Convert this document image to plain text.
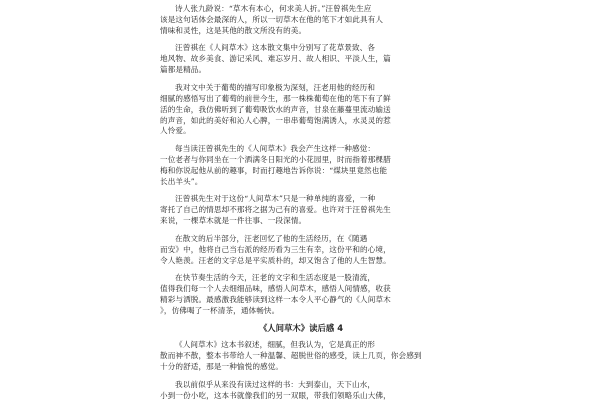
诗人张九龄说：“草木有本心，何求美人折。”汪曾祺先生应
该是这句话体会最深的人，所以一切草木在他的笔下才如此具有人
情味和灵性，这是其他的散文所没有的美。
汪曾祺在《人间草木》这本散文集中分别写了花草景致、各
地风物、故乡美食、游记采风、难忘岁月、故人相识、平淡人生，篇
篇都是精品。
我对文中关于葡萄的描写印象极为深刻，汪老用他的经历和
细腻的感悟写出了葡萄的前世今生，那一株株葡萄在他的笔下有了鲜
活的生命，我仿佛听到了葡萄吸饮水的声音，甘泉在藤蔓里流动输送
的声音，如此的美好和沁人心脾，一串串葡萄饱满诱人，水灵灵的惹
人怜爱。
每当读汪曾祺先生的《人间草木》我会产生这样一种感觉：
一位老者与你同坐在一个洒满冬日阳光的小花园里，时而指着那棵腊
梅和你说起他从前的趣事，时而打趣地告诉你说：“煤块里竟然也能
长出羊头”。
汪曾祺先生对于这份“人间草木”只是一种单纯的喜爱，一种
寄托了自己的情思却不那将之据为己有的喜爱。也许对于汪曾祺先生
来说，一棵草木就是一件往事、一段深情。
在散文的后半部分，汪老回忆了他的生活经历，在《随遇
而安》中，他将自己当右派的经历看为三生有幸，这份平和的心境，
令人艳羡。汪老的文字总是平实质朴的，却又饱含了他的人生智慧。
在快节奏生活的今天，汪老的文字和生活态度是一股清流，
值得我们每一个人去细细品味，感悟人间草木，感悟人间情感，收获
精彩与洒脱。最感激我能够读到这样一本令人平心静气的《人间草木
》，仿佛喝了一杯清茶，通体畅快。
《人间草木》读后感 4
《人间草木》这本书叙述，细腻，但我认为，它是真正的形
散而神不散，整本书带给人一种温馨、超脱世俗的感受，读上几页，你会感到
十分的舒适，那是一种愉悦的感觉。
我以前似乎从来没有读过这样的书：大到泰山，天下山水，
小到一份小吃，这本书就像我们的另一双眼，带我们领略乐山大佛，
